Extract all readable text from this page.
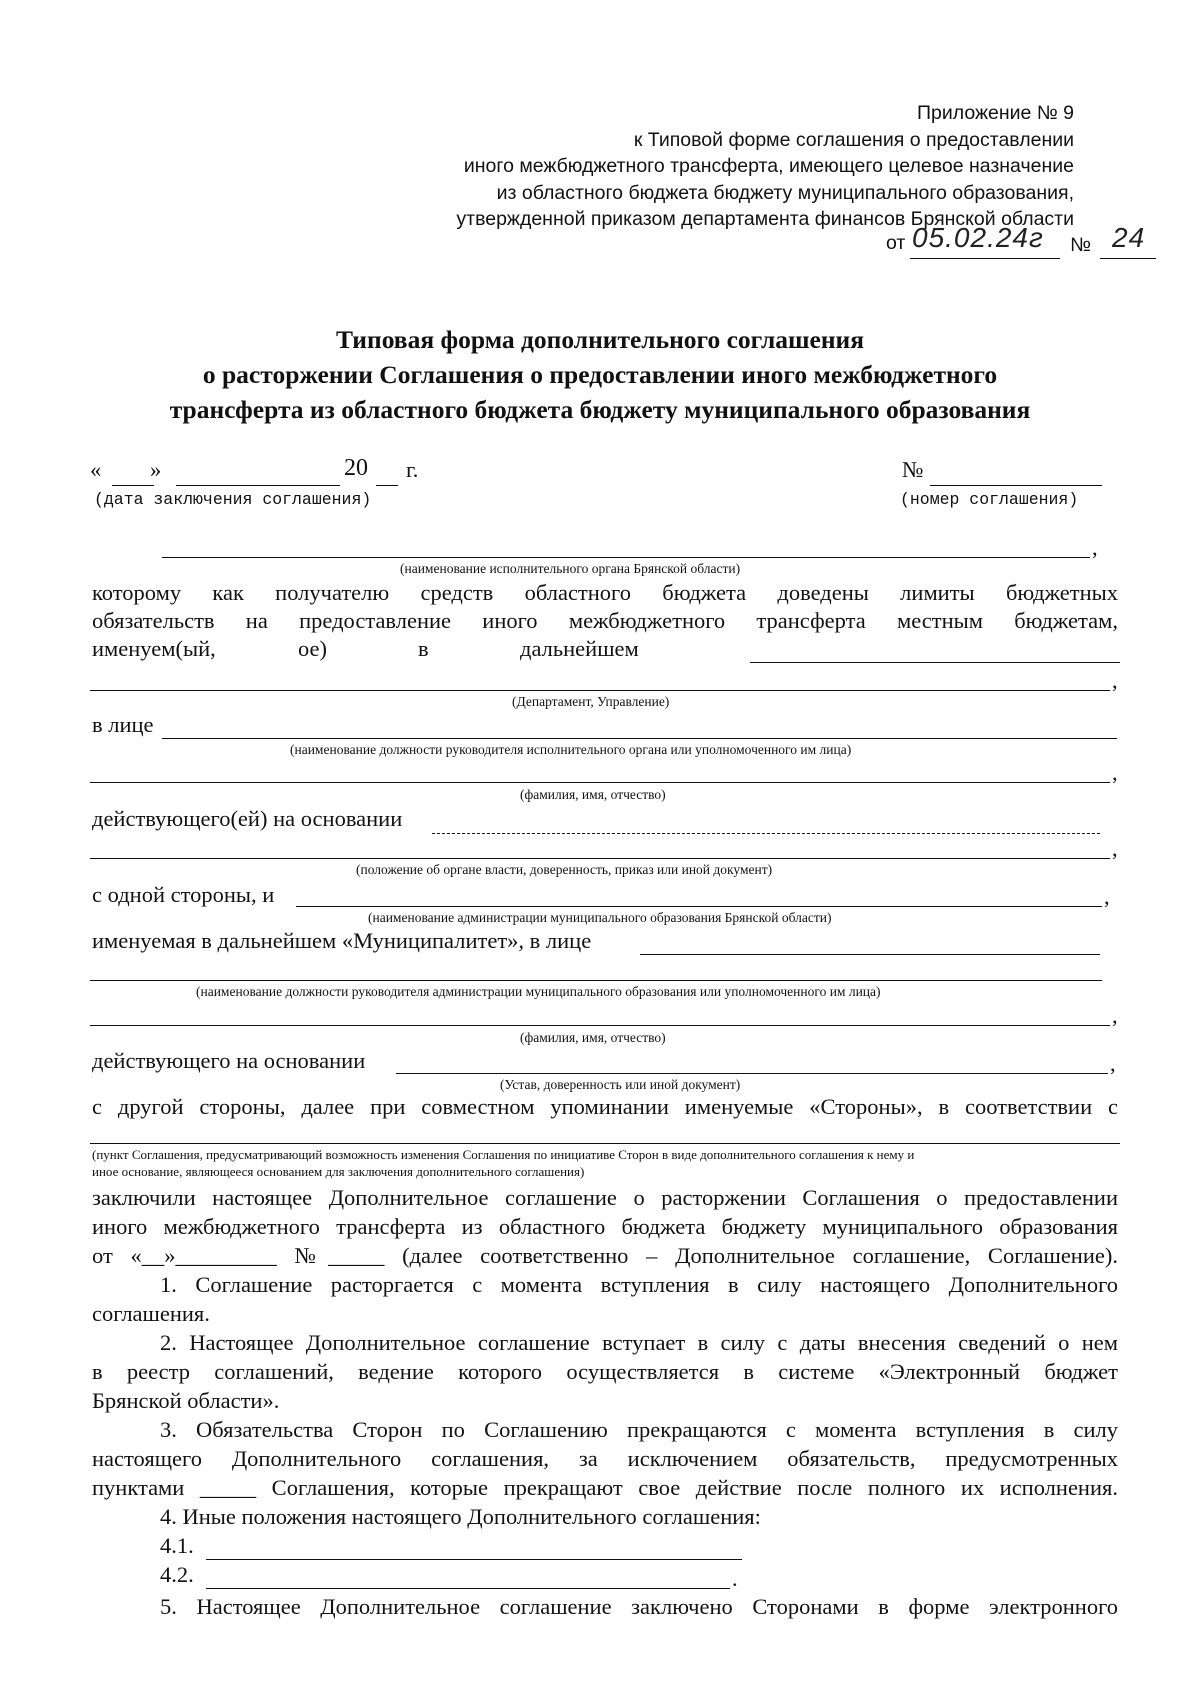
Приложение № 9
к Типовой форме соглашения о предоставлении
иного межбюджетного трансферта, имеющего целевое назначение
из областного бюджета бюджету муниципального образования,
утвержденной приказом департамента финансов Брянской области
от 05.02.24г № 24
Типовая форма дополнительного соглашения
о расторжении Соглашения о предоставлении иного межбюджетного
трансферта из областного бюджета бюджету муниципального образования
« »	20 г.	№
(дата заключения соглашения)	(номер соглашения)
,
(наименование исполнительного органа Брянской области)
которому как получателю средств областного бюджета доведены лимиты бюджетных
обязательств на предоставление иного межбюджетного трансферта местным бюджетам,
именуем(ый,	ое)	в	дальнейшем
,
(Департамент, Управление)
в лице
(наименование должности руководителя исполнительного органа или уполномоченного им лица)
,
(фамилия, имя, отчество)
действующего(ей) на основании
,
(положение об органе власти, доверенность, приказ или иной документ)
с одной стороны, и	,
(наименование администрации муниципального образования Брянской области)
именуемая в дальнейшем «Муниципалитет», в лице
(наименование должности руководителя администрации муниципального образования или уполномоченного им лица)
,
(фамилия, имя, отчество)
действующего на основании	,
(Устав, доверенность или иной документ)
с другой стороны, далее при совместном упоминании именуемые «Стороны», в соответствии с
(пункт Соглашения, предусматривающий возможность изменения Соглашения по инициативе Сторон в виде дополнительного соглашения к нему и
иное основание, являющееся основанием для заключения дополнительного соглашения)
заключили настоящее Дополнительное соглашение о расторжении Соглашения о предоставлении
иного межбюджетного трансферта из областного бюджета бюджету муниципального образования
от «__»_________ №_____ (далее соответственно – Дополнительное соглашение, Соглашение).
1. Соглашение расторгается с момента вступления в силу настоящего Дополнительного
соглашения.
2. Настоящее Дополнительное соглашение вступает в силу с даты внесения сведений о нем
в реестр соглашений, ведение которого осуществляется в системе «Электронный бюджет
Брянской области».
3. Обязательства Сторон по Соглашению прекращаются с момента вступления в силу
настоящего Дополнительного соглашения, за исключением обязательств, предусмотренных
пунктами _____ Соглашения, которые прекращают свое действие после полного их исполнения.
4. Иные положения настоящего Дополнительного соглашения:
4.1.
4.2.	.
5. Настоящее Дополнительное соглашение заключено Сторонами в форме электронного
